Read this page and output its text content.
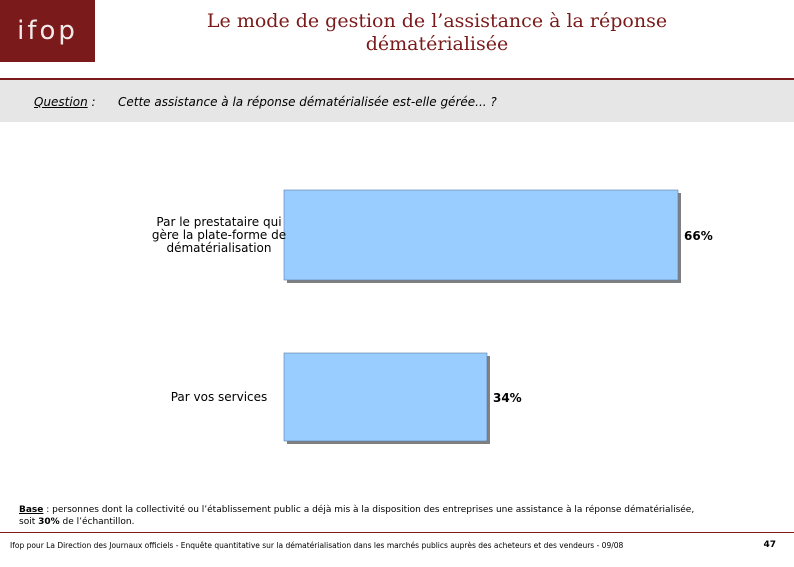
ifop	Le mode de gestion de l’assistance à la réponse
dématérialisée
Question : Cette assistance à la réponse dématérialisée est-elle gérée... ?
66%
Par le prestataire qui
gère la plate-forme de
dématérialisation
34%
Par vos services
Base : personnes dont la collectivité ou l’établissement public a déjà mis à la disposition des entreprises une assistance à la réponse dématérialisée, soit 30% de l’échantillon.
Ifop pour La Direction des Journaux officiels - Enquête quantitative sur la dématérialisation dans les marchés publics auprès des acheteurs et des vendeurs - 09/08	47
